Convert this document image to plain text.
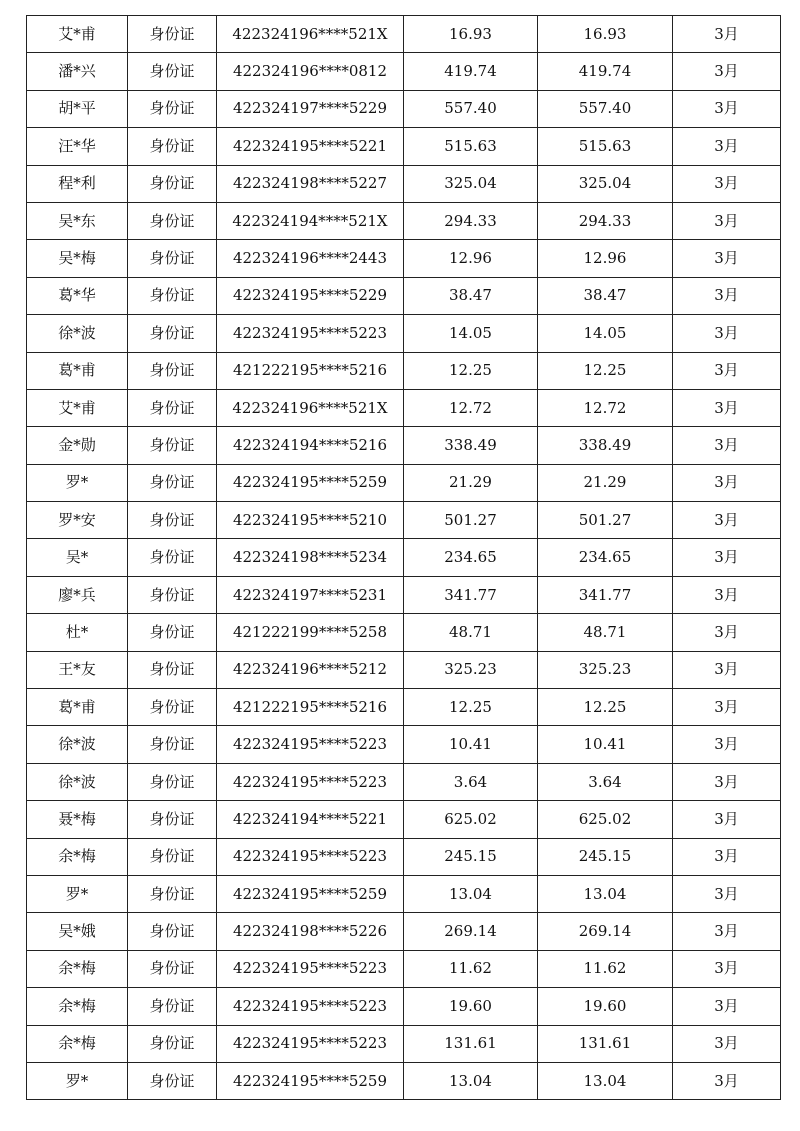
艾*甫	身份证	422324196****521X	16.93	16.93	3月
潘*兴	身份证	422324196****0812	419.74	419.74	3月
胡*平	身份证	422324197****5229	557.40	557.40	3月
汪*华	身份证	422324195****5221	515.63	515.63	3月
程*利	身份证	422324198****5227	325.04	325.04	3月
吴*东	身份证	422324194****521X	294.33	294.33	3月
吴*梅	身份证	422324196****2443	12.96	12.96	3月
葛*华	身份证	422324195****5229	38.47	38.47	3月
徐*波	身份证	422324195****5223	14.05	14.05	3月
葛*甫	身份证	421222195****5216	12.25	12.25	3月
艾*甫	身份证	422324196****521X	12.72	12.72	3月
金*勋	身份证	422324194****5216	338.49	338.49	3月
罗*	身份证	422324195****5259	21.29	21.29	3月
罗*安	身份证	422324195****5210	501.27	501.27	3月
吴*	身份证	422324198****5234	234.65	234.65	3月
廖*兵	身份证	422324197****5231	341.77	341.77	3月
杜*	身份证	421222199****5258	48.71	48.71	3月
王*友	身份证	422324196****5212	325.23	325.23	3月
葛*甫	身份证	421222195****5216	12.25	12.25	3月
徐*波	身份证	422324195****5223	10.41	10.41	3月
徐*波	身份证	422324195****5223	3.64	3.64	3月
聂*梅	身份证	422324194****5221	625.02	625.02	3月
余*梅	身份证	422324195****5223	245.15	245.15	3月
罗*	身份证	422324195****5259	13.04	13.04	3月
吴*娥	身份证	422324198****5226	269.14	269.14	3月
余*梅	身份证	422324195****5223	11.62	11.62	3月
余*梅	身份证	422324195****5223	19.60	19.60	3月
余*梅	身份证	422324195****5223	131.61	131.61	3月
罗*	身份证	422324195****5259	13.04	13.04	3月
